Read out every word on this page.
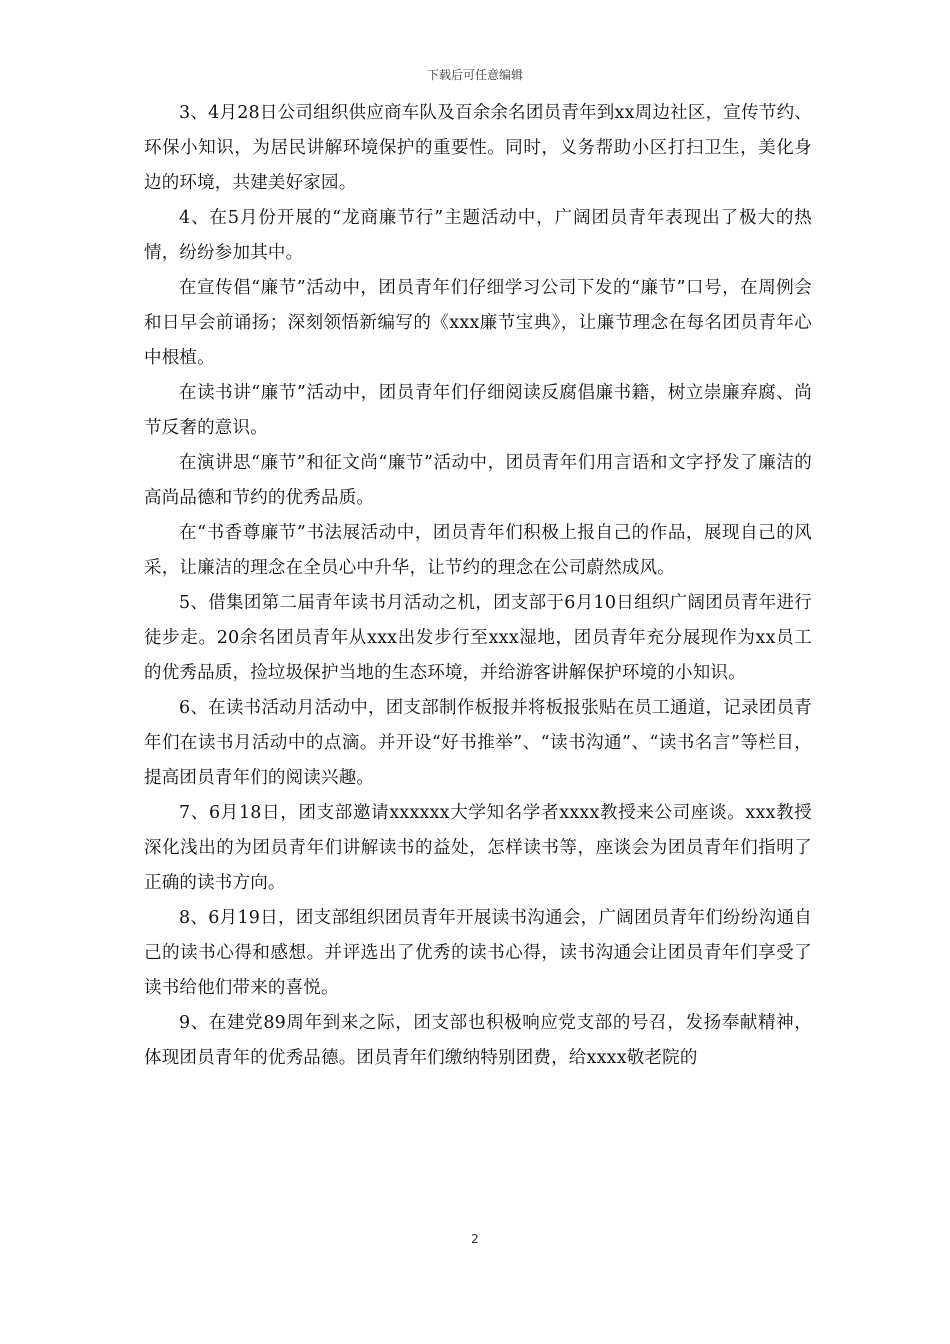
下载后可任意编辑

3、4月28日公司组织供应商车队及百余余名团员青年到xx周边社区，宣传节约、环保小知识，为居民讲解环境保护的重要性。同时，义务帮助小区打扫卫生，美化身边的环境，共建美好家园。

4、在5月份开展的“龙商廉节行”主题活动中，广阔团员青年表现出了极大的热情，纷纷参加其中。

在宣传倡“廉节”活动中，团员青年们仔细学习公司下发的“廉节”口号，在周例会和日早会前诵扬；深刻领悟新编写的《xxx廉节宝典》，让廉节理念在每名团员青年心中根植。

在读书讲“廉节”活动中，团员青年们仔细阅读反腐倡廉书籍，树立崇廉弃腐、尚节反奢的意识。

在演讲思“廉节”和征文尚“廉节”活动中，团员青年们用言语和文字抒发了廉洁的高尚品德和节约的优秀品质。

在“书香尊廉节”书法展活动中，团员青年们积极上报自己的作品，展现自己的风采，让廉洁的理念在全员心中升华，让节约的理念在公司蔚然成风。

5、借集团第二届青年读书月活动之机，团支部于6月10日组织广阔团员青年进行徒步走。20余名团员青年从xxx出发步行至xxx湿地，团员青年充分展现作为xx员工的优秀品质，捡垃圾保护当地的生态环境，并给游客讲解保护环境的小知识。

6、在读书活动月活动中，团支部制作板报并将板报张贴在员工通道，记录团员青年们在读书月活动中的点滴。并开设“好书推举”、“读书沟通”、“读书名言”等栏目，提高团员青年们的阅读兴趣。

7、6月18日，团支部邀请xxxxxx大学知名学者xxxx教授来公司座谈。xxx教授深化浅出的为团员青年们讲解读书的益处，怎样读书等，座谈会为团员青年们指明了正确的读书方向。

8、6月19日，团支部组织团员青年开展读书沟通会，广阔团员青年们纷纷沟通自己的读书心得和感想。并评选出了优秀的读书心得，读书沟通会让团员青年们享受了读书给他们带来的喜悦。

9、在建党89周年到来之际，团支部也积极响应党支部的号召，发扬奉献精神，体现团员青年的优秀品德。团员青年们缴纳特别团费，给xxxx敬老院的

2
